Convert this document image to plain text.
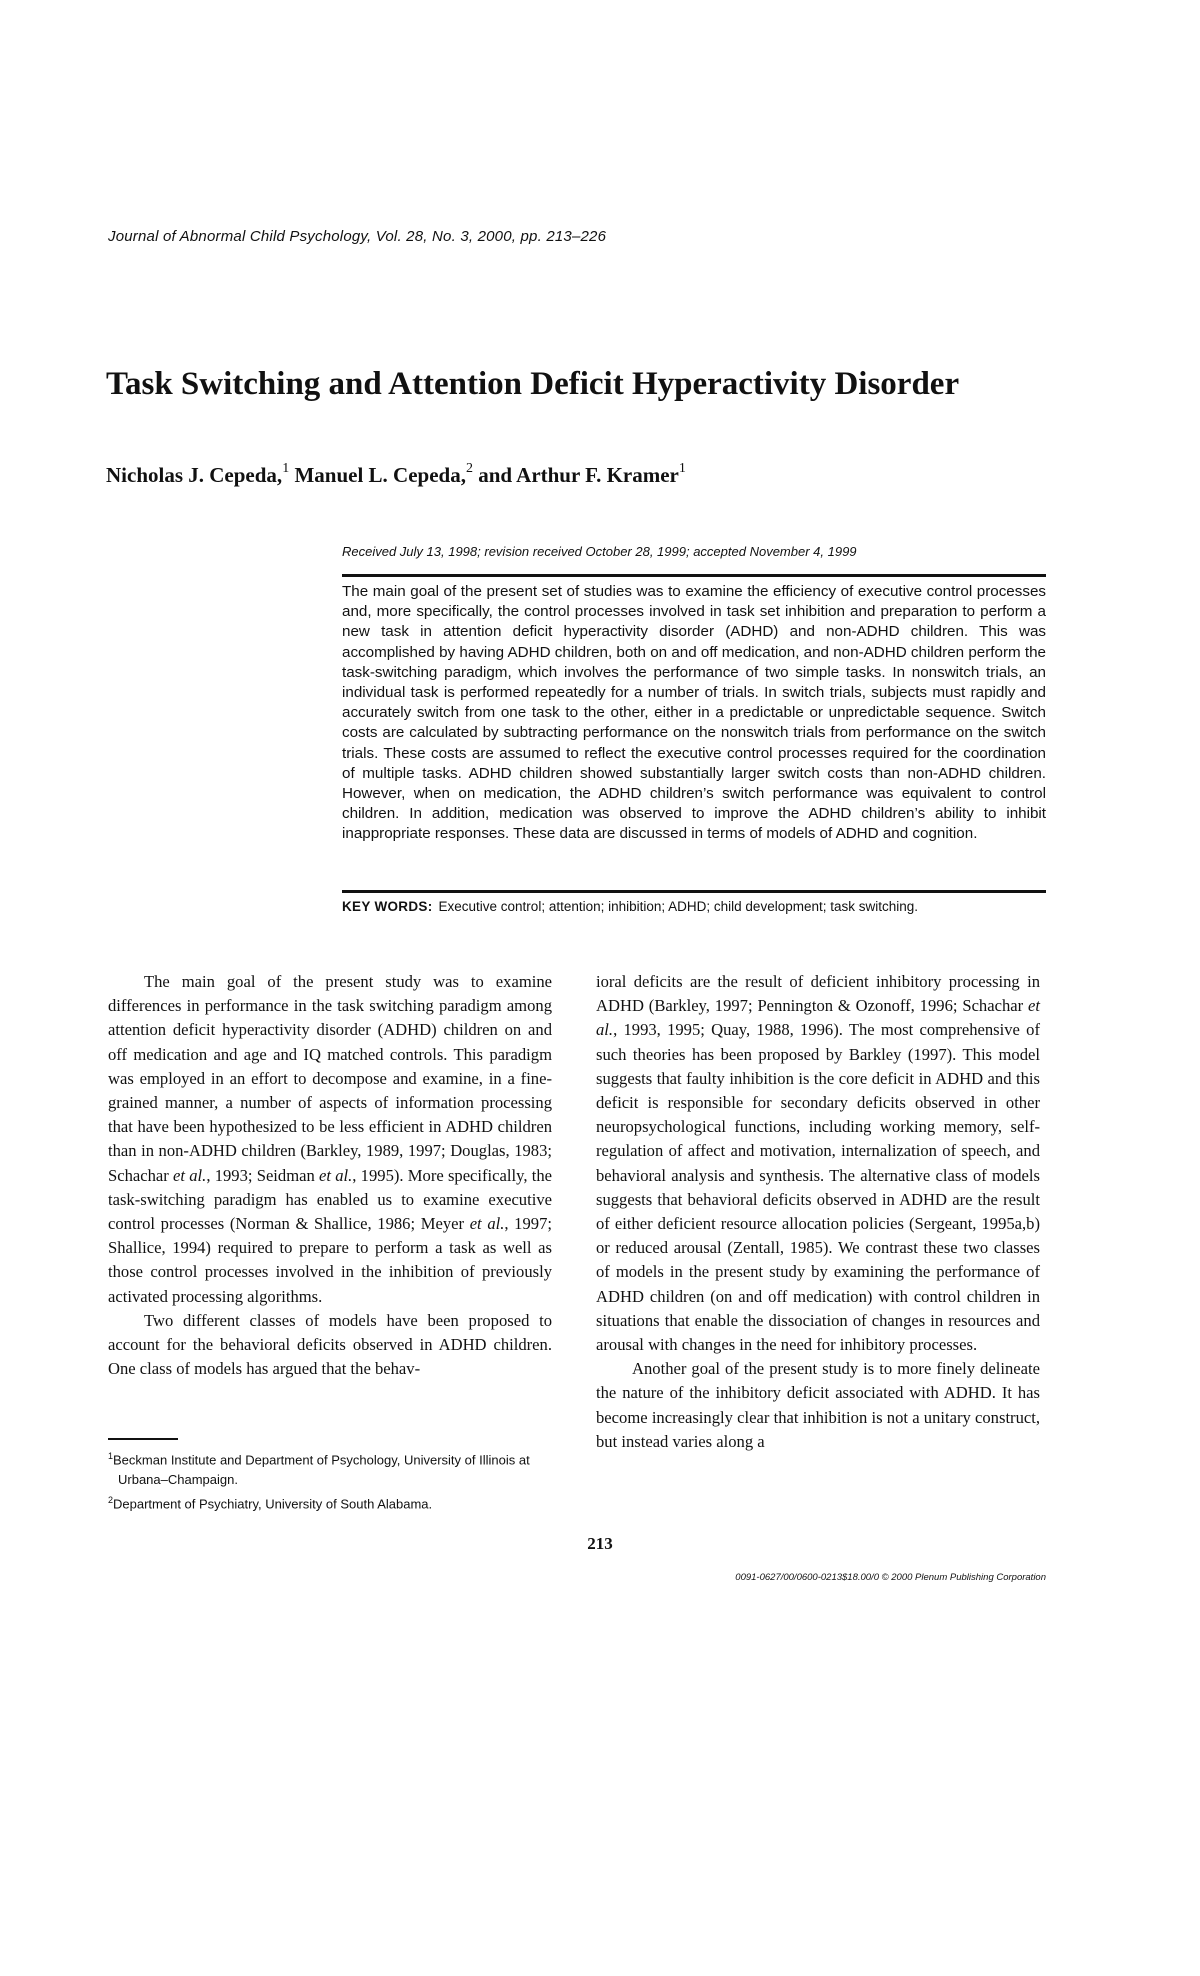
Journal of Abnormal Child Psychology, Vol. 28, No. 3, 2000, pp. 213–226
Task Switching and Attention Deficit Hyperactivity Disorder
Nicholas J. Cepeda,$^1$ Manuel L. Cepeda,$^2$ and Arthur F. Kramer$^1$
Received July 13, 1998; revision received October 28, 1999; accepted November 4, 1999

The main goal of the present set of studies was to examine the efficiency of executive control processes and, more specifically, the control processes involved in task set inhibition and preparation to perform a new task in attention deficit hyperactivity disorder (ADHD) and non-ADHD children. This was accomplished by having ADHD children, both on and off medication, and non-ADHD children perform the task-switching paradigm, which involves the performance of two simple tasks. In nonswitch trials, an individual task is performed repeatedly for a number of trials. In switch trials, subjects must rapidly and accurately switch from one task to the other, either in a predictable or unpredictable sequence. Switch costs are calculated by subtracting performance on the nonswitch trials from performance on the switch trials. These costs are assumed to reflect the executive control processes required for the coordination of multiple tasks. ADHD children showed substantially larger switch costs than non-ADHD children. However, when on medication, the ADHD children’s switch performance was equivalent to control children. In addition, medication was observed to improve the ADHD children’s ability to inhibit inappropriate responses. These data are discussed in terms of models of ADHD and cognition.

KEY WORDS: Executive control; attention; inhibition; ADHD; child development; task switching.

The main goal of the present study was to examine differences in performance in the task switching paradigm among attention deficit hyperactivity disorder (ADHD) children on and off medication and age and IQ matched controls. This paradigm was employed in an effort to decompose and examine, in a fine-grained manner, a number of aspects of information processing that have been hypothesized to be less efficient in ADHD children than in non-ADHD children (Barkley, 1989, 1997; Douglas, 1983; Schachar et al., 1993; Seidman et al., 1995). More specifically, the task-switching paradigm has enabled us to examine executive control processes (Norman & Shallice, 1986; Meyer et al., 1997; Shallice, 1994) required to prepare to perform a task as well as those control processes involved in the inhibition of previously activated processing algorithms.

Two different classes of models have been proposed to account for the behavioral deficits observed in ADHD children. One class of models has argued that the behav-

ioral deficits are the result of deficient inhibitory processing in ADHD (Barkley, 1997; Pennington & Ozonoff, 1996; Schachar et al., 1993, 1995; Quay, 1988, 1996). The most comprehensive of such theories has been proposed by Barkley (1997). This model suggests that faulty inhibition is the core deficit in ADHD and this deficit is responsible for secondary deficits observed in other neuropsychological functions, including working memory, self-regulation of affect and motivation, internalization of speech, and behavioral analysis and synthesis. The alternative class of models suggests that behavioral deficits observed in ADHD are the result of either deficient resource allocation policies (Sergeant, 1995a,b) or reduced arousal (Zentall, 1985). We contrast these two classes of models in the present study by examining the performance of ADHD children (on and off medication) with control children in situations that enable the dissociation of changes in resources and arousal with changes in the need for inhibitory processes.

Another goal of the present study is to more finely delineate the nature of the inhibitory deficit associated with ADHD. It has become increasingly clear that inhibition is not a unitary construct, but instead varies along a

$^1$Beckman Institute and Department of Psychology, University of Illinois at Urbana–Champaign.

$^2$Department of Psychiatry, University of South Alabama.

213
0091-0627/00/0600-0213$18.00/0 © 2000 Plenum Publishing Corporation
